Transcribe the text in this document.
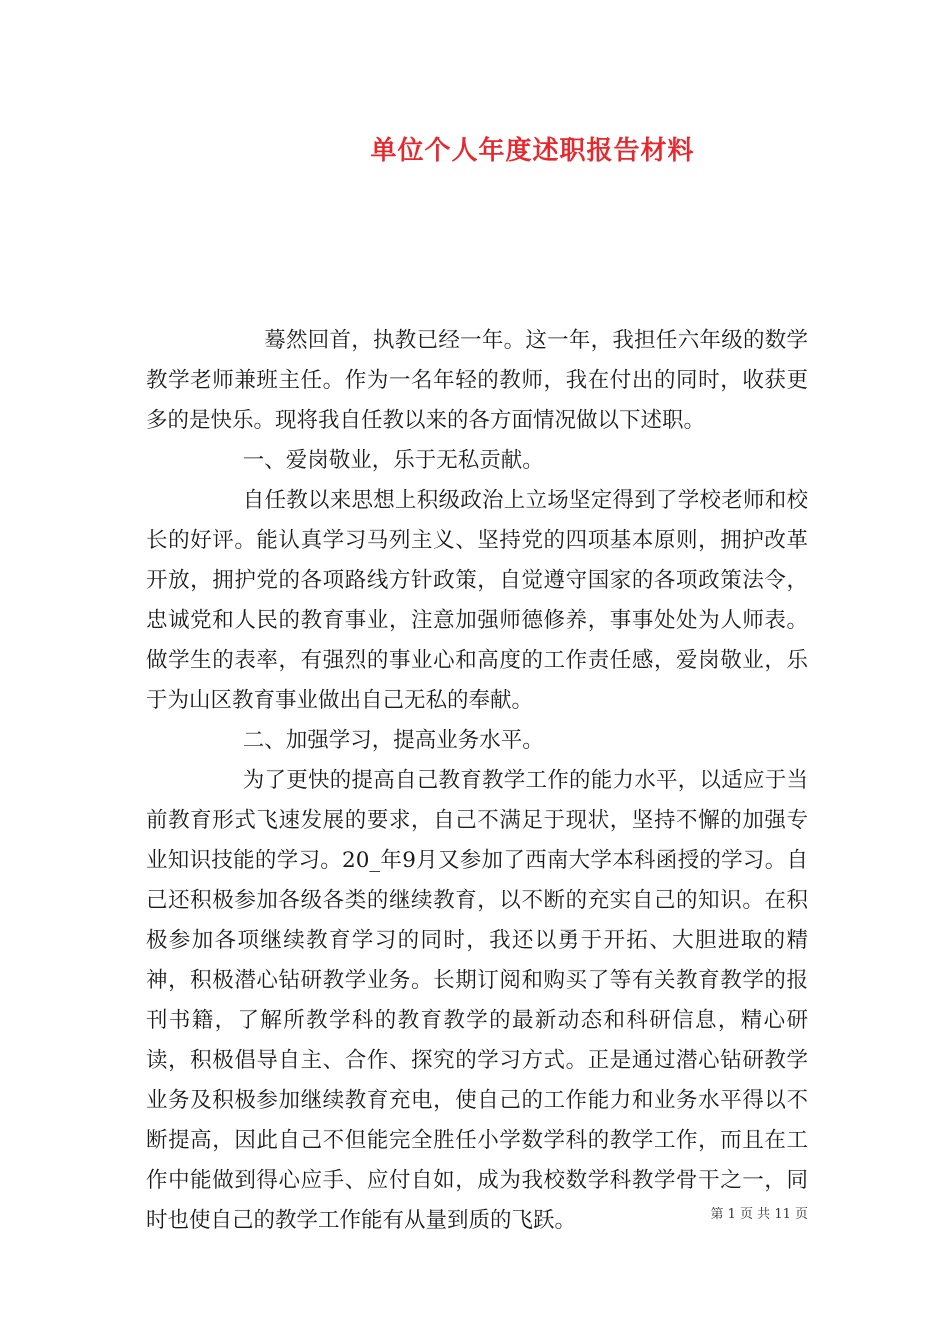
单位个人年度述职报告材料

蓦然回首，执教已经一年。这一年，我担任六年级的数学教学老师兼班主任。作为一名年轻的教师，我在付出的同时，收获更多的是快乐。现将我自任教以来的各方面情况做以下述职。

一、爱岗敬业，乐于无私贡献。

自任教以来思想上积级政治上立场坚定得到了学校老师和校长的好评。能认真学习马列主义、坚持党的四项基本原则，拥护改革开放，拥护党的各项路线方针政策，自觉遵守国家的各项政策法令，忠诚党和人民的教育事业，注意加强师德修养，事事处处为人师表。做学生的表率，有强烈的事业心和高度的工作责任感，爱岗敬业，乐于为山区教育事业做出自己无私的奉献。

二、加强学习，提高业务水平。

为了更快的提高自己教育教学工作的能力水平，以适应于当前教育形式飞速发展的要求，自己不满足于现状，坚持不懈的加强专业知识技能的学习。20_年9月又参加了西南大学本科函授的学习。自己还积极参加各级各类的继续教育，以不断的充实自己的知识。在积极参加各项继续教育学习的同时，我还以勇于开拓、大胆进取的精神，积极潜心钻研教学业务。长期订阅和购买了等有关教育教学的报刊书籍，了解所教学科的教育教学的最新动态和科研信息，精心研读，积极倡导自主、合作、探究的学习方式。正是通过潜心钻研教学业务及积极参加继续教育充电，使自己的工作能力和业务水平得以不断提高，因此自己不但能完全胜任小学数学科的教学工作，而且在工作中能做到得心应手、应付自如，成为我校数学科教学骨干之一，同时也使自己的教学工作能有从量到质的飞跃。	第 1 页 共 11 页
